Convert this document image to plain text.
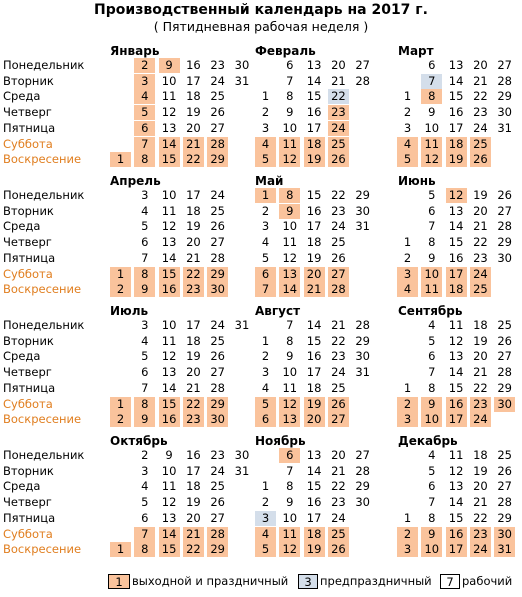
Производственный календарь на 2017 г.
( Пятидневная рабочая неделя )
Понедельник
Вторник
Среда
Четверг
Пятница
Суббота
Воскресение
Понедельник
Вторник
Среда
Четверг
Пятница
Суббота
Воскресение
Понедельник
Вторник
Среда
Четверг
Пятница
Суббота
Воскресение
Понедельник
Вторник
Среда
Четверг
Пятница
Суббота
Воскресение
Январь
1
2
3
4
5
6
7
8
9
10
11
12
13
14
15
16
17
18
19
20
21
22
23
24
25
26
27
28
29
30
31
Февраль
1
2
3
4
5
6
7
8
9
10
11
12
13
14
15
16
17
18
19
20
21
22
23
24
25
26
27
28
Март
1
2
3
4
5
6
7
8
9
10
11
12
13
14
15
16
17
18
19
20
21
22
23
24
25
26
27
28
29
30
31
Апрель
1
2
3
4
5
6
7
8
9
10
11
12
13
14
15
16
17
18
19
20
21
22
23
24
25
26
27
28
29
30
Май
1
2
3
4
5
6
7
8
9
10
11
12
13
14
15
16
17
18
19
20
21
22
23
24
25
26
27
28
29
30
31
Июнь
1
2
3
4
5
6
7
8
9
10
11
12
13
14
15
16
17
18
19
20
21
22
23
24
25
26
27
28
29
30
Июль
1
2
3
4
5
6
7
8
9
10
11
12
13
14
15
16
17
18
19
20
21
22
23
24
25
26
27
28
29
30
31
Август
1
2
3
4
5
6
7
8
9
10
11
12
13
14
15
16
17
18
19
20
21
22
23
24
25
26
27
28
29
30
31
Сентябрь
1
2
3
4
5
6
7
8
9
10
11
12
13
14
15
16
17
18
19
20
21
22
23
24
25
26
27
28
29
30
Октябрь
1
2
3
4
5
6
7
8
9
10
11
12
13
14
15
16
17
18
19
20
21
22
23
24
25
26
27
28
29
30
31
Ноябрь
1
2
3
4
5
6
7
8
9
10
11
12
13
14
15
16
17
18
19
20
21
22
23
24
25
26
27
28
29
30
Декабрь
1
2
3
4
5
6
7
8
9
10
11
12
13
14
15
16
17
18
19
20
21
22
23
24
25
26
27
28
29
30
31
1 выходной и праздничный	3 предпраздничный	7 рабочий
